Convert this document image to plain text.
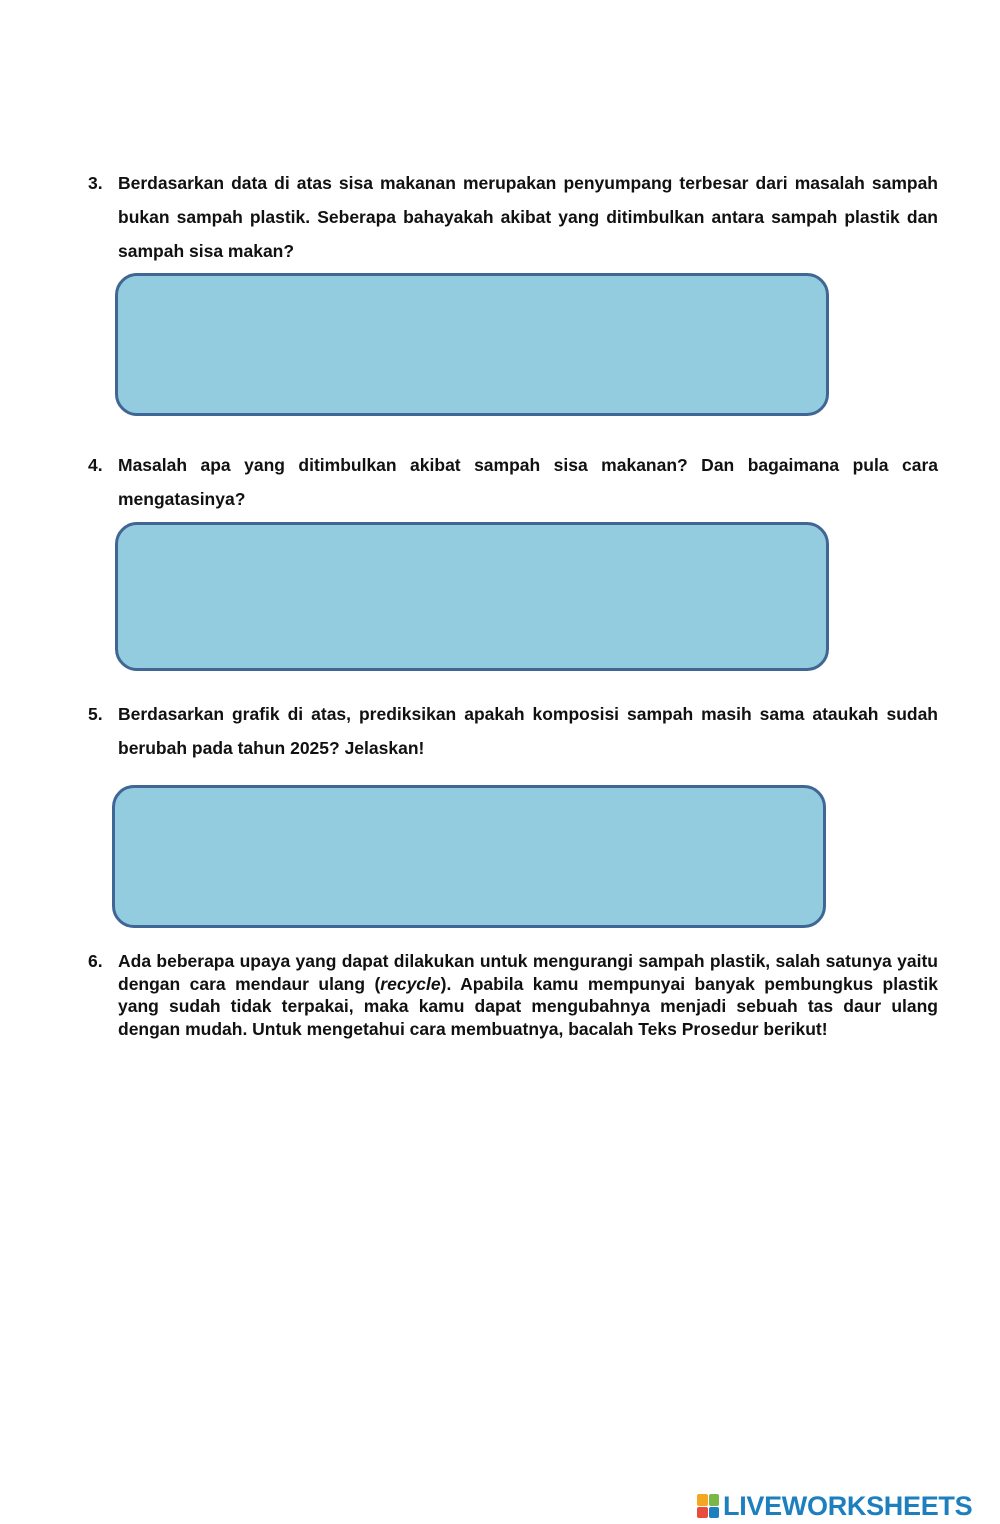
3. Berdasarkan data di atas sisa makanan merupakan penyumpang terbesar dari masalah sampah bukan sampah plastik. Seberapa bahayakah akibat yang ditimbulkan antara sampah plastik dan sampah sisa makan?
4. Masalah apa yang ditimbulkan akibat sampah sisa makanan? Dan bagaimana pula cara mengatasinya?
5. Berdasarkan grafik di atas, prediksikan apakah komposisi sampah masih sama ataukah sudah berubah pada tahun 2025? Jelaskan!
6. Ada beberapa upaya yang dapat dilakukan untuk mengurangi sampah plastik, salah satunya yaitu dengan cara mendaur ulang (recycle). Apabila kamu mempunyai banyak pembungkus plastik yang sudah tidak terpakai, maka kamu dapat mengubahnya menjadi sebuah tas daur ulang dengan mudah. Untuk mengetahui cara membuatnya, bacalah Teks Prosedur berikut!
LIVEWORKSHEETS
